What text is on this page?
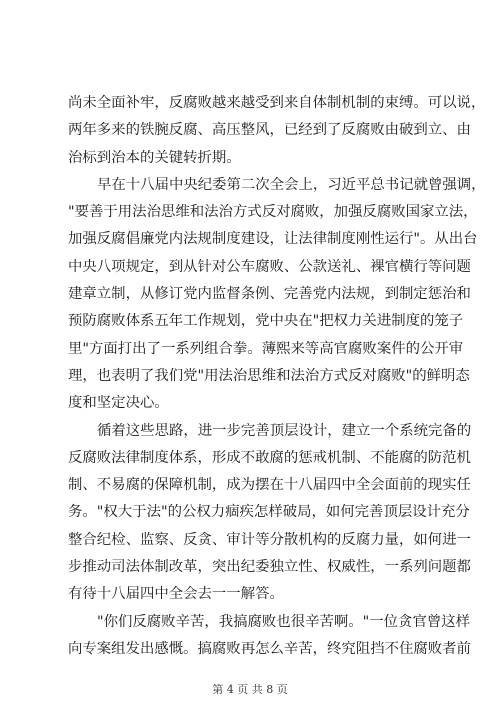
尚未全面补牢，反腐败越来越受到来自体制机制的束缚。可以说，
两年多来的铁腕反腐、高压整风，已经到了反腐败由破到立、由
治标到治本的关键转折期。
早在十八届中央纪委第二次全会上，习近平总书记就曾强调，
"要善于用法治思维和法治方式反对腐败，加强反腐败国家立法，
加强反腐倡廉党内法规制度建设，让法律制度刚性运行"。从出台
中央八项规定，到从针对公车腐败、公款送礼、裸官横行等问题
建章立制，从修订党内监督条例、完善党内法规，到制定惩治和
预防腐败体系五年工作规划，党中央在"把权力关进制度的笼子
里"方面打出了一系列组合拳。薄熙来等高官腐败案件的公开审
理，也表明了我们党"用法治思维和法治方式反对腐败"的鲜明态
度和坚定决心。
循着这些思路，进一步完善顶层设计，建立一个系统完备的
反腐败法律制度体系，形成不敢腐的惩戒机制、不能腐的防范机
制、不易腐的保障机制，成为摆在十八届四中全会面前的现实任
务。"权大于法"的公权力痼疾怎样破局，如何完善顶层设计充分
整合纪检、监察、反贪、审计等分散机构的反腐力量，如何进一
步推动司法体制改革，突出纪委独立性、权威性，一系列问题都
有待十八届四中全会去一一解答。
"你们反腐败辛苦，我搞腐败也很辛苦啊。"一位贪官曾这样
向专案组发出感慨。搞腐败再怎么辛苦，终究阻挡不住腐败者前
第 4 页 共 8 页
